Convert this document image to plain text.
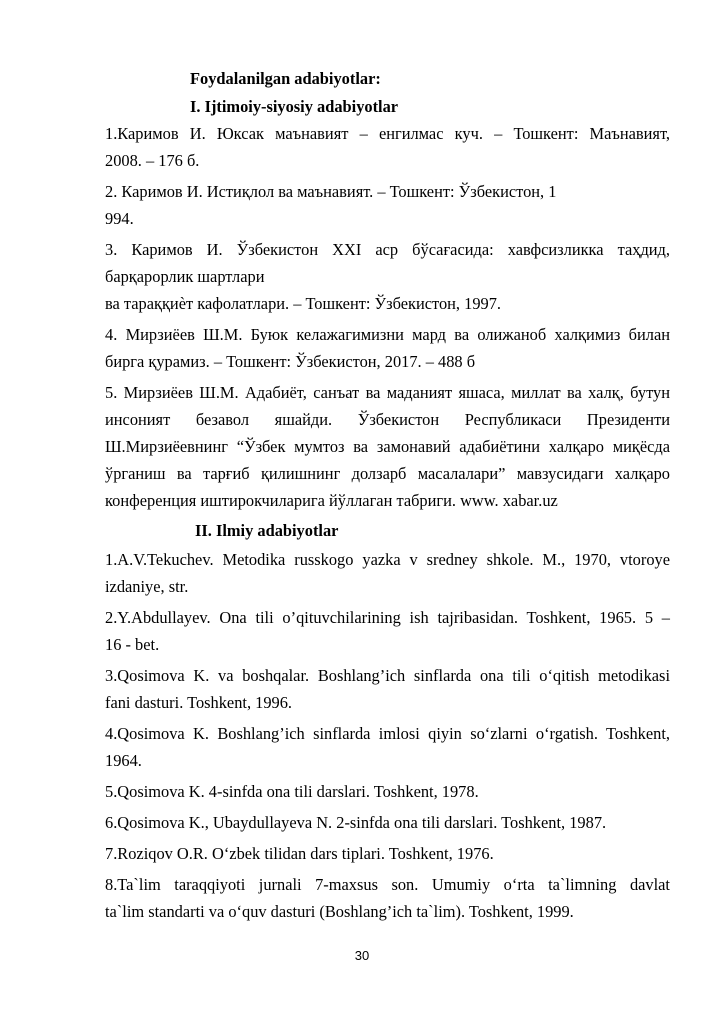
Foydalanilgan adabiyotlar:

I. Ijtimoiy-siyosiy adabiyotlar

1.Каримов И. Юксак маънавият – енгилмас куч. – Тошкент: Маънавият,
2008. – 176 б.
2. Каримов И. Истиқлол ва маънавият. – Тошкент: Ўзбекистон, 1
994.
3. Каримов И. Ўзбекистон XXI аср бўсағасида: хавфсизликка таҳдид,
барқарорлик шартлари
ва тараққиѐт кафолатлари. – Тошкент: Ўзбекистон, 1997.
4. Мирзиёев Ш.М. Буюк келажагимизни мард ва олижаноб халқимиз билан
бирга қурамиз. – Тошкент: Ўзбекистон, 2017. – 488 б
5. Мирзиёев Ш.М. Адабиёт, санъат ва маданият яшаса, миллат ва халқ, бутун
инсоният безавол яшайди. Ўзбекистон Республикаси Президенти
Ш.Мирзиёевнинг “Ўзбек мумтоз ва замонавий адабиётини халқаро миқёсда
ўрганиш ва тарғиб қилишнинг долзарб масалалари” мавзусидаги халқаро
конференция иштирокчиларига йўллаган табриги. www. xabar.uz

II. Ilmiy adabiyotlar

1.A.V.Tekuchev. Metodika russkogo yazka v sredney shkole. M., 1970, vtoroye
izdaniye, str.
2.Y.Abdullayev. Ona tili o’qituvchilarining ish tajribasidan. Toshkent, 1965. 5 –
16 - bet.
3.Qosimova K. va boshqalar. Boshlang’ich sinflarda ona tili o‘qitish metodikasi
fani dasturi. Toshkent, 1996.
4.Qosimova K. Boshlang’ich sinflarda imlosi qiyin so‘zlarni o‘rgatish. Toshkent,
1964.
5.Qosimova K. 4-sinfda ona tili darslari. Toshkent, 1978.
6.Qosimova K., Ubaydullayeva N. 2-sinfda ona tili darslari. Toshkent, 1987.
7.Roziqov O.R. O‘zbek tilidan dars tiplari. Toshkent, 1976.
8.Ta`lim taraqqiyoti jurnali 7-maxsus son. Umumiy o‘rta ta`limning davlat
ta`lim standarti va o‘quv dasturi (Boshlang’ich ta`lim). Toshkent, 1999.
30
